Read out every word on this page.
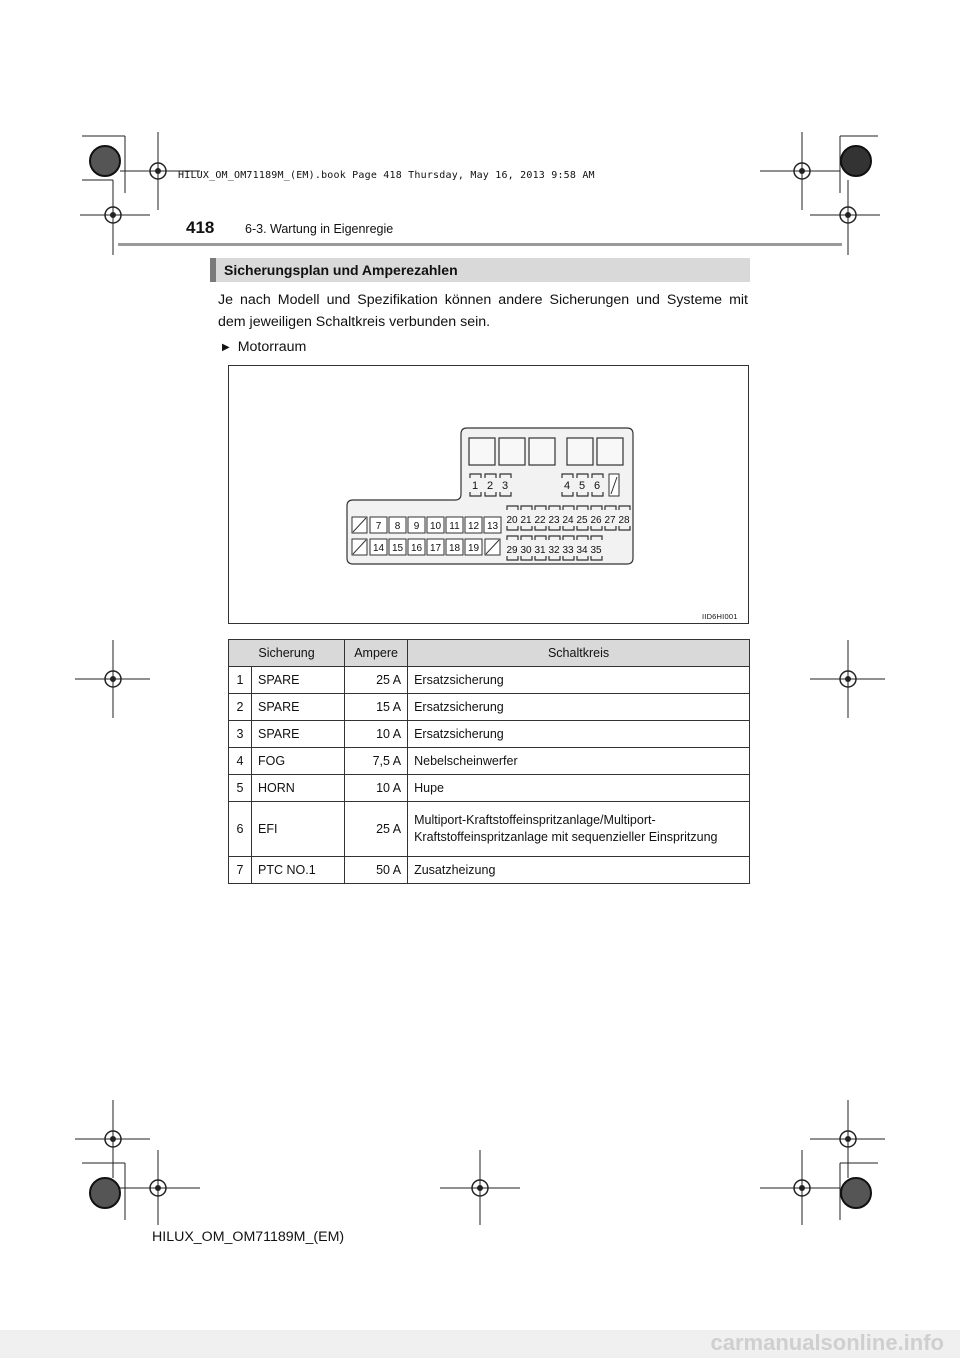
HILUX_OM_OM71189M_(EM).book Page 418 Thursday, May 16, 2013 9:58 AM
418 6-3. Wartung in Eigenregie
Sicherungsplan und Amperezahlen
Je nach Modell und Spezifikation können andere Sicherungen und Systeme mit dem jeweiligen Schaltkreis verbunden sein.
▶ Motorraum
1 2 3	4 5 6
7 8 9 10 11 12 13
14 15 16 17 18 19
20 21 22 23 24 25 26 27 28
29 30 31 32 33 34 35
IID6HI001
Sicherung		Ampere	Schaltkreis
1	SPARE	25 A	Ersatzsicherung
2	SPARE	15 A	Ersatzsicherung
3	SPARE	10 A	Ersatzsicherung
4	FOG	7,5 A	Nebelscheinwerfer
5	HORN	10 A	Hupe
6	EFI	25 A	Multiport-Kraftstoffeinspritzanlage/Multiport-Kraftstoffeinspritzanlage mit sequenzieller Einspritzung
7	PTC NO.1	50 A	Zusatzheizung
HILUX_OM_OM71189M_(EM)
carmanualsonline.info
